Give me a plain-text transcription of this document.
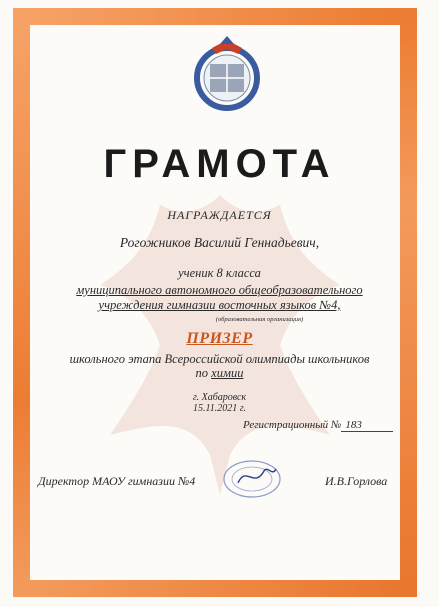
ГРАМОТА
НАГРАЖДАЕТСЯ
Рогожников Василий Геннадьевич,
ученик 8 класса
муниципального автономного общеобразовательного
учреждения гимназии восточных языков №4,
(образовательная организация)
ПРИЗЕР
школьного этапа Всероссийской олимпиады школьников
по химии
г. Хабаровск
15.11.2021 г.
Регистрационный № 183
Директор МАОУ гимназии №4	И.В.Горлова
